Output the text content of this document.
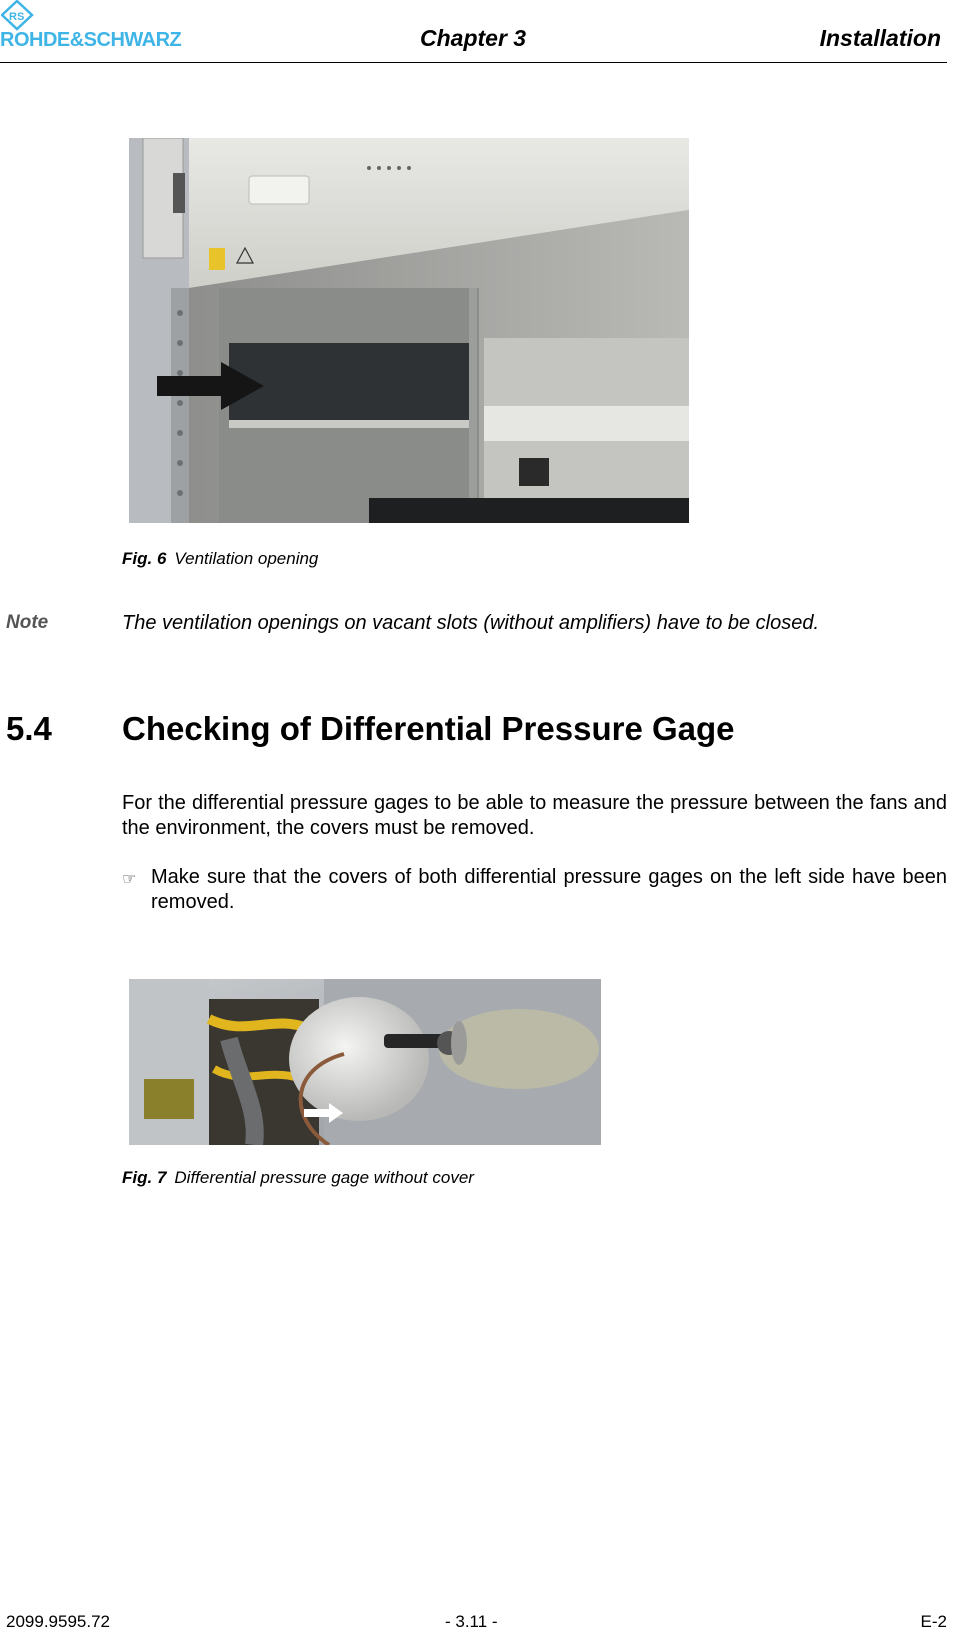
RS
ROHDE&SCHWARZ	Chapter 3	Installation
Fig. 6 Ventilation opening
Note	The ventilation openings on vacant slots (without amplifiers) have to be closed.
5.4 Checking of Differential Pressure Gage
For the differential pressure gages to be able to measure the pressure between the fans and the environment, the covers must be removed.
☞ Make sure that the covers of both differential pressure gages on the left side have been removed.
Fig. 7 Differential pressure gage without cover
2099.9595.72	- 3.11 -	E-2
